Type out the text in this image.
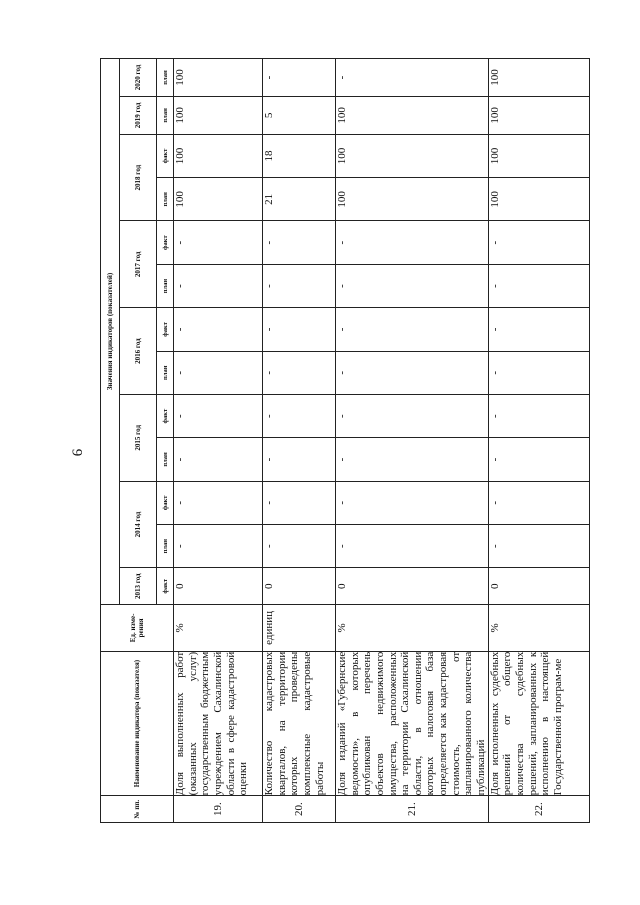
9
№ пп.	Наименование индикатора (показателя)	Ед. изме-рения	Значения индикаторов (показателей)												
			2013 год	2014 год		2015 год		2016 год		2017 год		2018 год		2019 год	2020 год
			факт	план	факт	план	факт	план	факт	план	факт	план	факт	план	план
19.	Доля выполненных работ (оказанных услуг) государственным бюджетным учреждением Сахалинской области в сфере кадастровой оценки	%	0	-	-	-	-	-	-	-	-	100	100	100	100
20.	Количество кадастровых кварталов, на территории которых проведены комплексные кадастровые работы	единиц	0	-	-	-	-	-	-	-	-	21	18	5	-
21.	Доля изданий «Губернские ведомости», в которых опубликован перечень объектов недвижимого имущества, расположенных на территории Сахалинской области, в отношении которых налоговая база определяется как кадастровая стоимость, от запланированного количества публикаций	%	0	-	-	-	-	-	-	-	-	100	100	100	-
22.	Доля исполненных судебных решений от общего количества судебных решений, запланированных к исполнению в настоящей Государственной програм-ме	%	0	-	-	-	-	-	-	-	-	100	100	100	100
